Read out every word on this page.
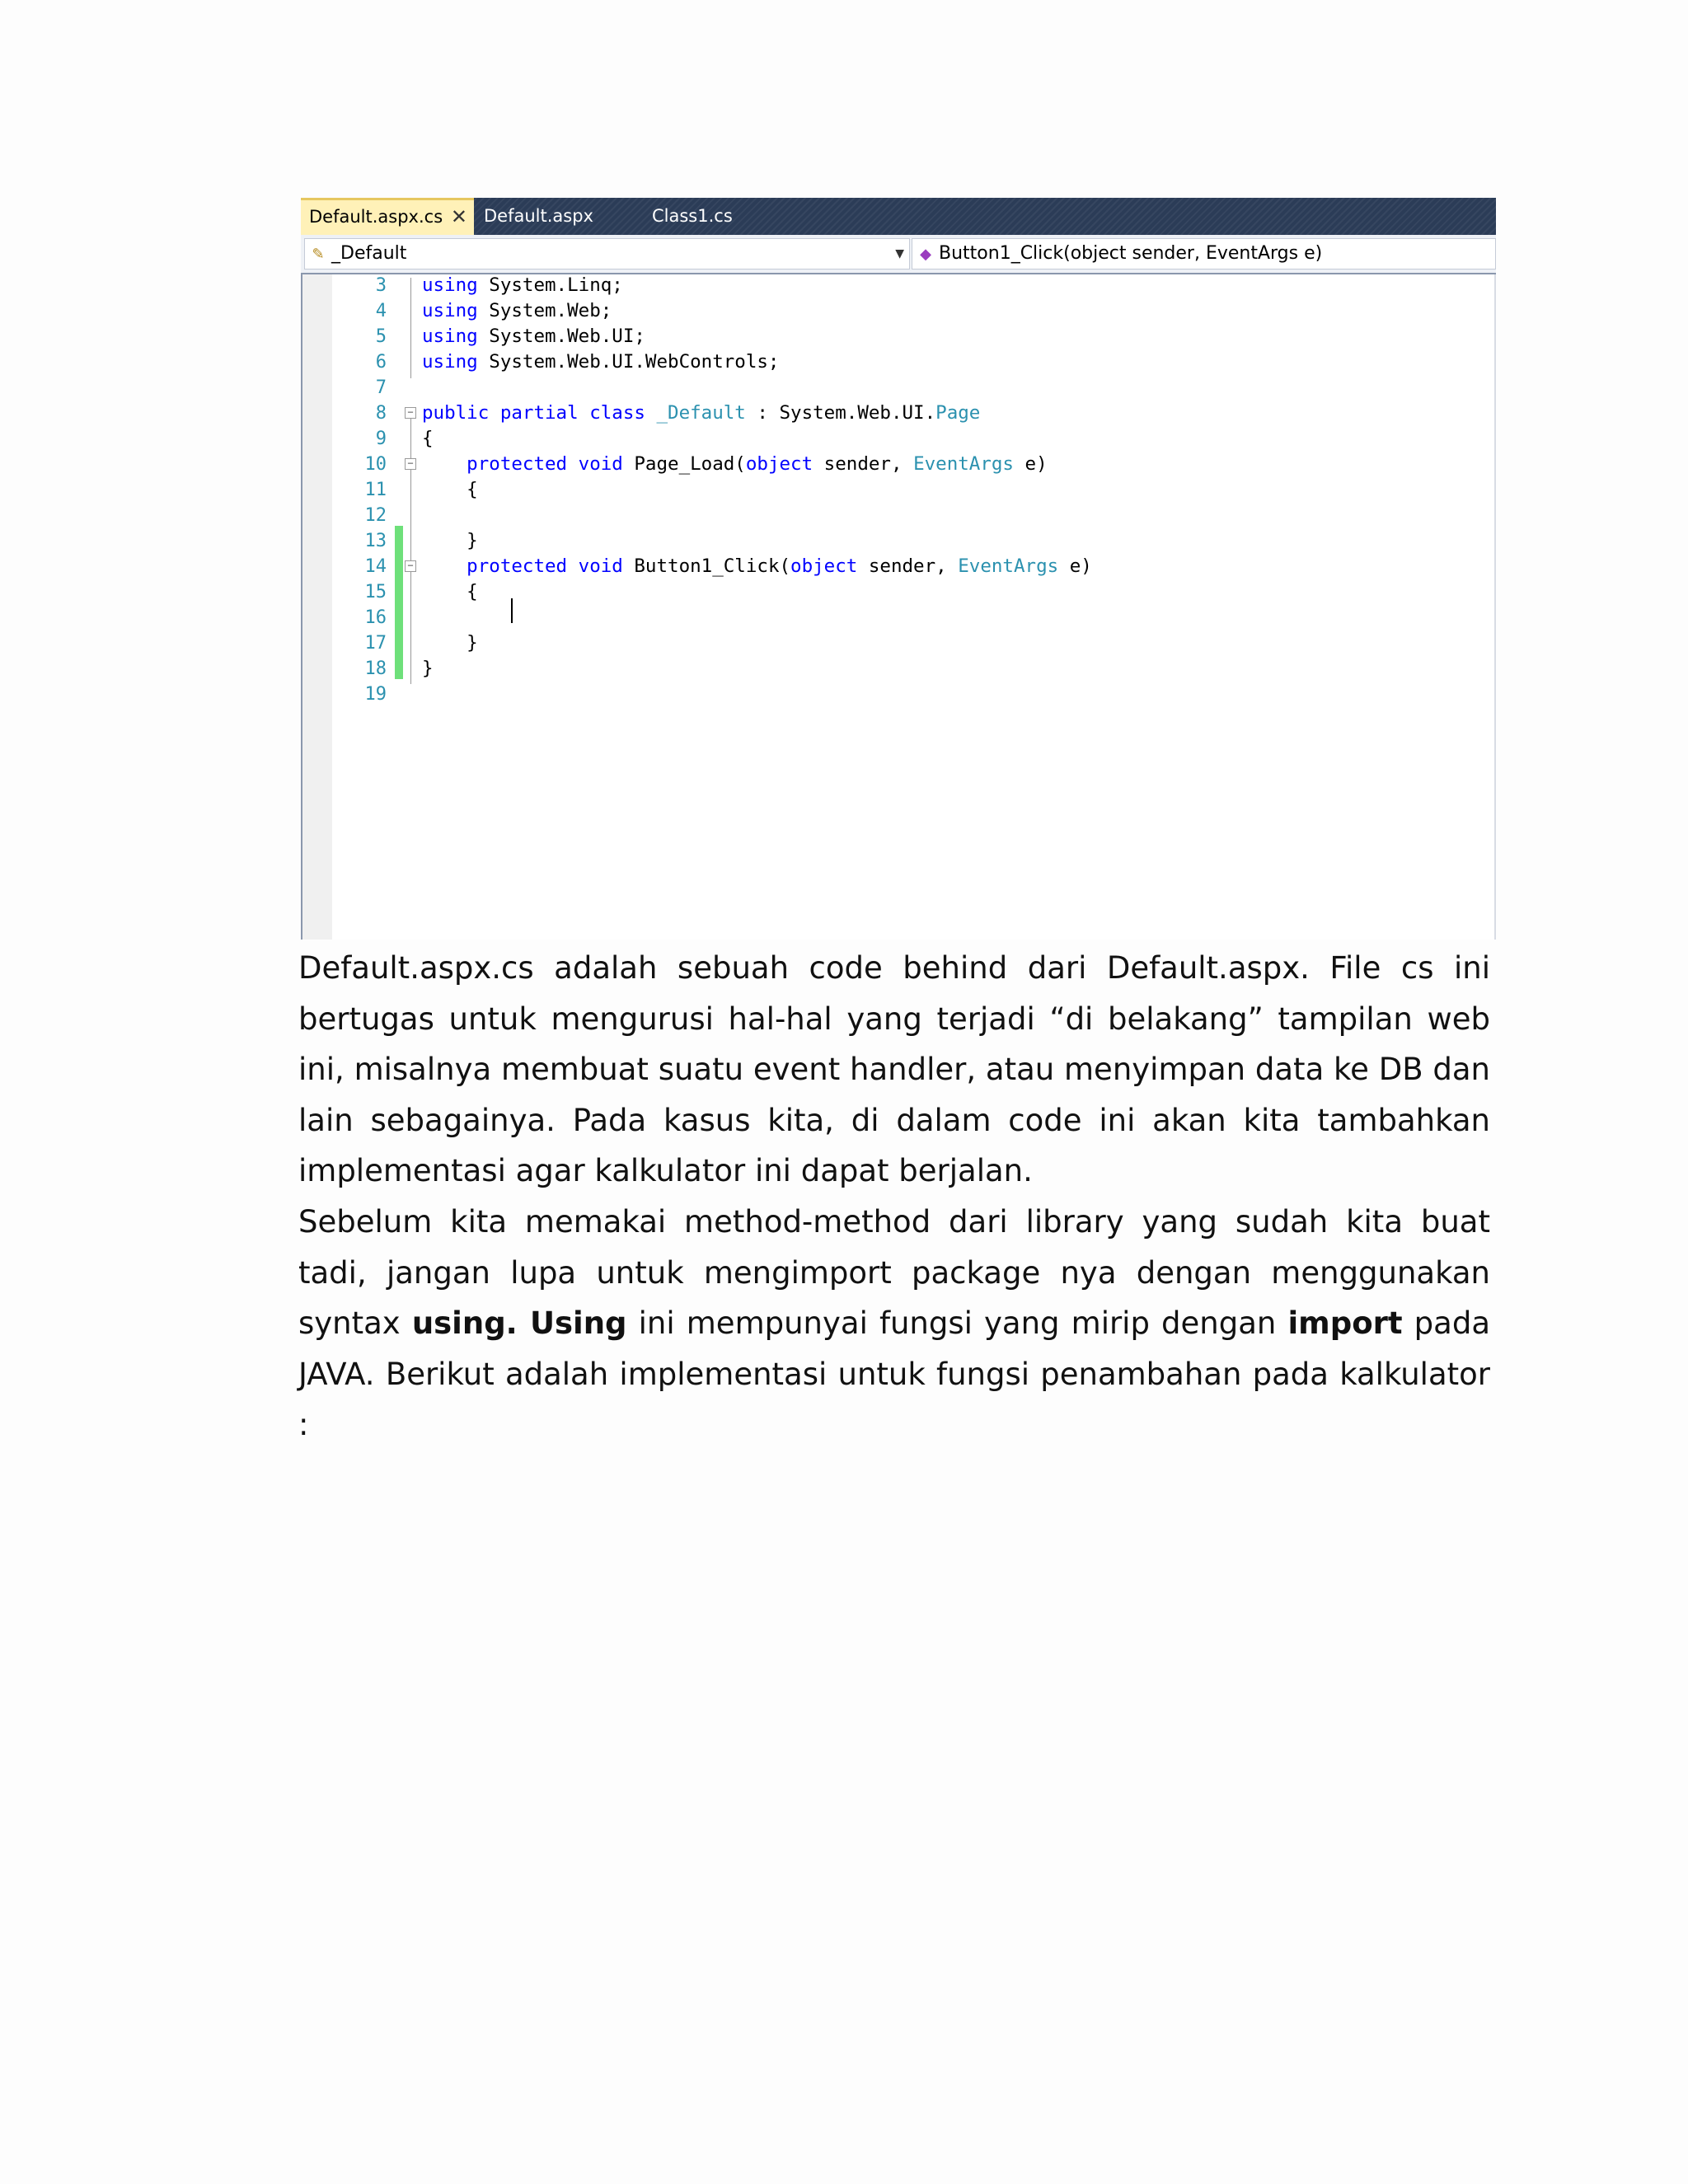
Default.aspx.cs ✕ Default.aspx	Class1.cs
✎ _Default	▼	◆ Button1_Click(object sender, EventArgs e)
3
4
5
6
7
8
9
10
11
12
13
14
15
16
17
18
19
−
−
−
using System.Linq;
using System.Web;
using System.Web.UI;
using System.Web.UI.WebControls;
public partial class _Default : System.Web.UI.Page
{
protected void Page_Load(object sender, EventArgs e)
{
}
protected void Button1_Click(object sender, EventArgs e)
{
}
}
Default.aspx.cs adalah sebuah code behind dari Default.aspx. File cs ini bertugas untuk mengurusi hal-hal yang terjadi “di belakang” tampilan web ini, misalnya membuat suatu event handler, atau menyimpan data ke DB dan lain sebagainya. Pada kasus kita, di dalam code ini akan kita tambahkan implementasi agar kalkulator ini dapat berjalan.
Sebelum kita memakai method-method dari library yang sudah kita buat tadi, jangan lupa untuk mengimport package nya dengan menggunakan syntax using. Using ini mempunyai fungsi yang mirip dengan import pada JAVA. Berikut adalah implementasi untuk fungsi penambahan pada kalkulator :
